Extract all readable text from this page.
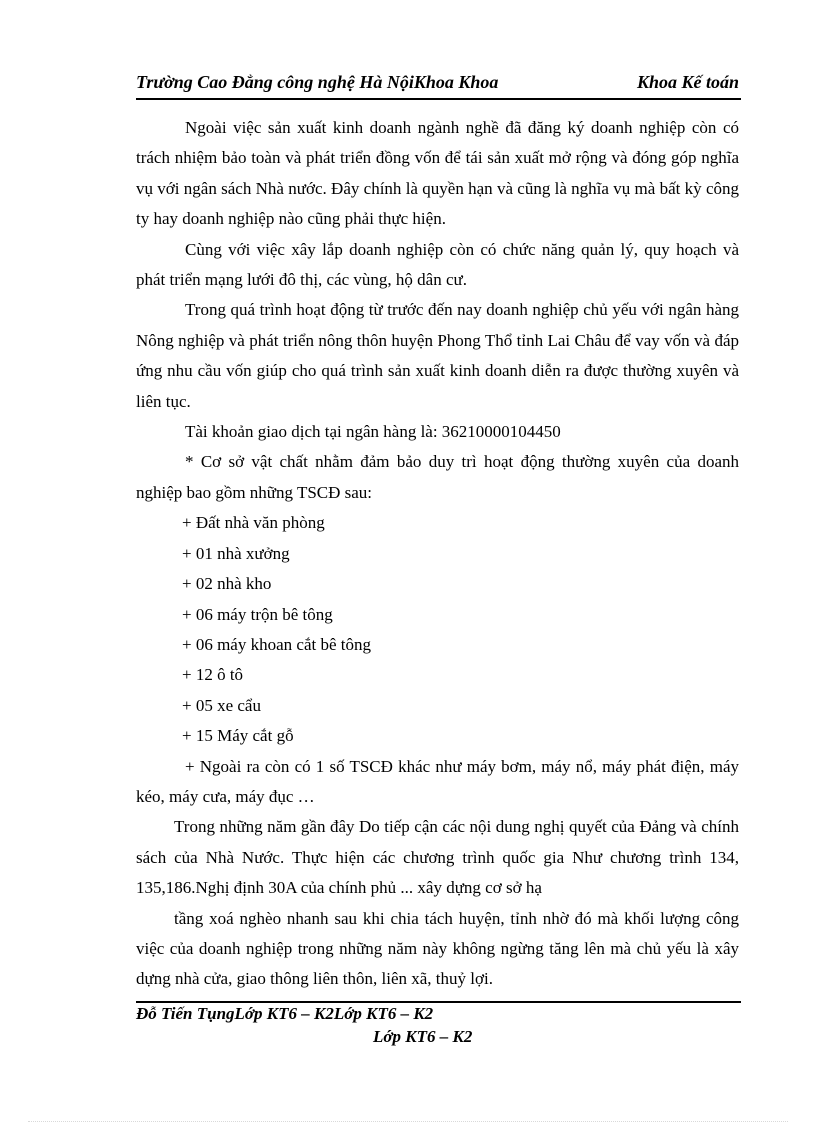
Trường Cao Đẳng công nghệ Hà NộiKhoa Khoa	Khoa Kế toán

Ngoài việc sản xuất kinh doanh ngành nghề đã đăng ký doanh nghiệp còn có trách nhiệm bảo toàn và phát triển đồng vốn để tái sản xuất mở rộng và đóng góp nghĩa vụ với ngân sách Nhà nước. Đây chính là quyền hạn và cũng là nghĩa vụ mà bất kỳ công ty hay doanh nghiệp nào cũng phải thực hiện.

Cùng với việc xây lắp doanh nghiệp còn có chức năng quản lý, quy hoạch và phát triển mạng lưới đô thị, các vùng, hộ dân cư.

Trong quá trình hoạt động từ trước đến nay doanh nghiệp chủ yếu với ngân hàng Nông nghiệp và phát triển nông thôn huyện Phong Thổ tỉnh Lai Châu để vay vốn và đáp ứng nhu cầu vốn giúp cho quá trình sản xuất kinh doanh diễn ra được thường xuyên và liên tục.

Tài khoản giao dịch tại ngân hàng là: 36210000104450

* Cơ sở vật chất nhằm đảm bảo duy trì hoạt động thường xuyên của doanh nghiệp bao gồm những TSCĐ sau:

+ Đất nhà văn phòng

+ 01 nhà xưởng

+ 02 nhà kho

+ 06 máy trộn bê tông

+ 06 máy khoan cắt bê tông

+ 12 ô tô

+ 05 xe cẩu

+ 15 Máy cắt gỗ

+ Ngoài ra còn có 1 số TSCĐ khác như máy bơm, máy nổ, máy phát điện, máy kéo, máy cưa, máy đục …

Trong những năm gần đây Do tiếp cận các nội dung nghị quyết của Đảng và chính sách của Nhà Nước. Thực hiện các chương trình quốc gia Như chương trình 134, 135,186.Nghị định 30A của chính phủ ... xây dựng cơ sở hạ

tầng xoá nghèo nhanh sau khi chia tách huyện, tỉnh nhờ đó mà khối lượng công việc của doanh nghiệp trong những năm này không ngừng tăng lên mà chủ yếu là xây dựng nhà cửa, giao thông liên thôn, liên xã, thuỷ lợi.

Đỗ Tiến TụngLớp KT6 – K2Lớp KT6 – K2
Lớp KT6 – K2
